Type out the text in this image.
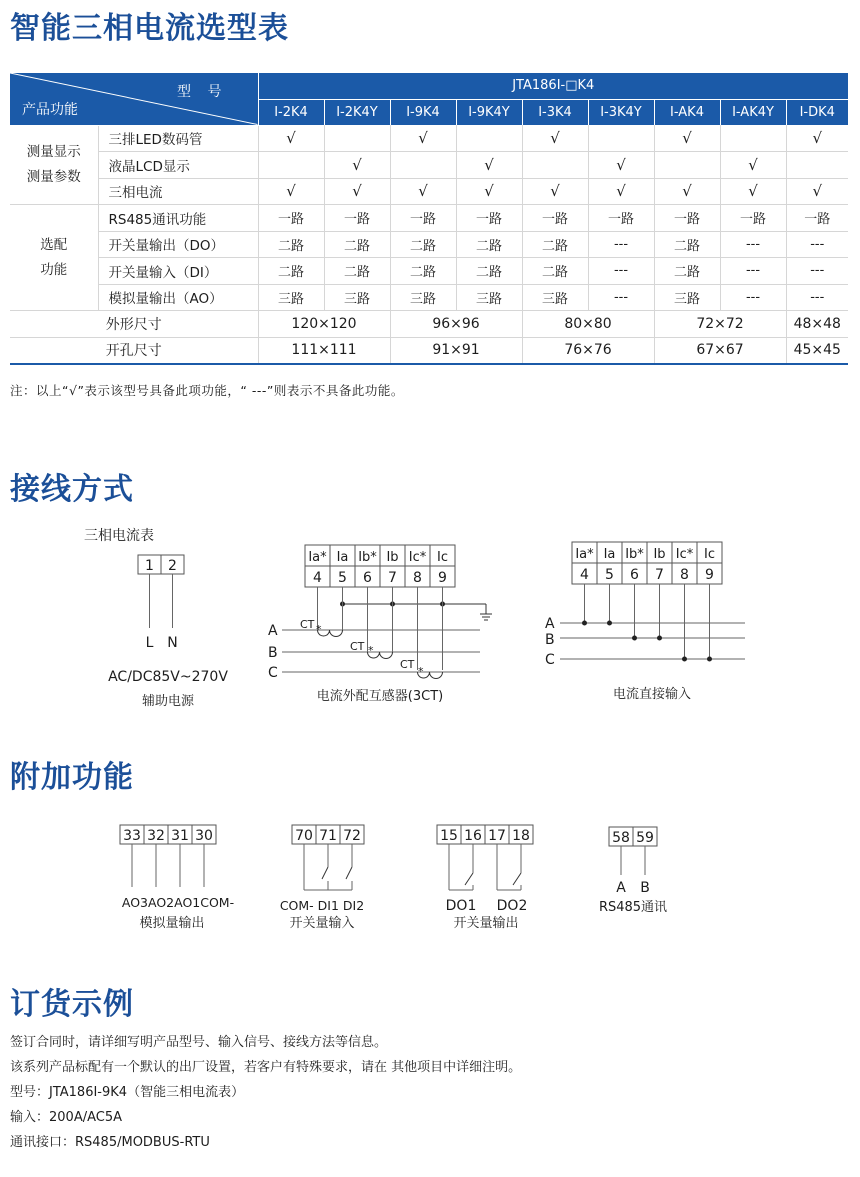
智能三相电流选型表
型 号
产品功能		JTA186I-□K4								
		I-2K4	I-2K4Y	I-9K4	I-9K4Y	I-3K4	I-3K4Y	I-AK4	I-AK4Y	I-DK4

测量显示
测量参数	三排LED数码管	√		√		√		√		√
	液晶LCD显示		√		√		√		√	
	三相电流	√	√	√	√	√	√	√	√	√

选配
功能	RS485通讯功能	一路	一路	一路	一路	一路	一路	一路	一路	一路
	开关量输出（DO）	二路	二路	二路	二路	二路	---	二路	---	---
	开关量输入（DI）	二路	二路	二路	二路	二路	---	二路	---	---
	模拟量输出（AO）	三路	三路	三路	三路	三路	---	三路	---	---
外形尺寸		120×120		96×96		80×80		72×72		48×48
开孔尺寸		111×111		91×91		76×76		67×67		45×45

注：以上“√”表示该型号具备此项功能，“ ---”则表示不具备此功能。

接线方式
三相电流表
1 2
L N
AC/DC85V~270V
辅助电源
Ia* Ia Ib* Ib Ic* Ic
4 5 6 7 8 9
A
B
C
CT
CT
CT
*
*
*
电流外配互感器(3CT)
Ia* Ia Ib* Ib Ic* Ic
4 5 6 7 8 9
A
B
C
电流直接输入
附加功能
33 32 31 30
AO3AO2AO1COM-
模拟量输出
70 71 72
COM- DI1 DI2
开关量输入
15 16 17 18
DO1 DO2
开关量输出
58 59
A B
RS485通讯
订货示例

签订合同时，请详细写明产品型号、输入信号、接线方法等信息。

该系列产品标配有一个默认的出厂设置，若客户有特殊要求，请在 其他项目中详细注明。

型号：JTA186I-9K4（智能三相电流表）

输入：200A/AC5A

通讯接口：RS485/MODBUS-RTU
